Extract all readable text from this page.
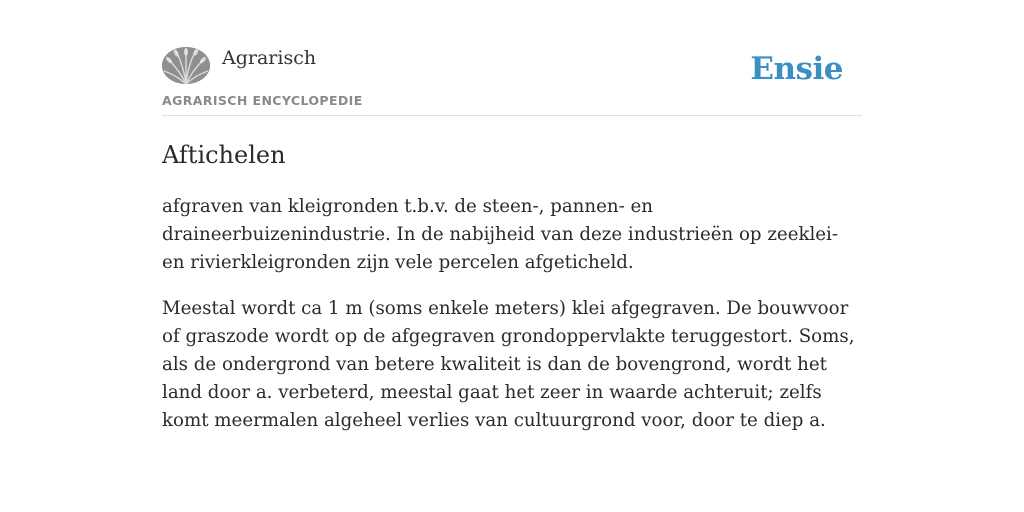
Agrarisch
AGRARISCH ENCYCLOPEDIE
Ensie
Aftichelen

afgraven van kleigronden t.b.v. de steen-, pannen- en draineerbuizenindustrie. In de nabijheid van deze industrieën op zeeklei- en rivierkleigronden zijn vele percelen afgeticheld.

Meestal wordt ca 1 m (soms enkele meters) klei afgegraven. De bouwvoor of graszode wordt op de afgegraven grondoppervlakte teruggestort. Soms, als de ondergrond van betere kwaliteit is dan de bovengrond, wordt het land door a. verbeterd, meestal gaat het zeer in waarde achteruit; zelfs komt meermalen algeheel verlies van cultuurgrond voor, door te diep a.
